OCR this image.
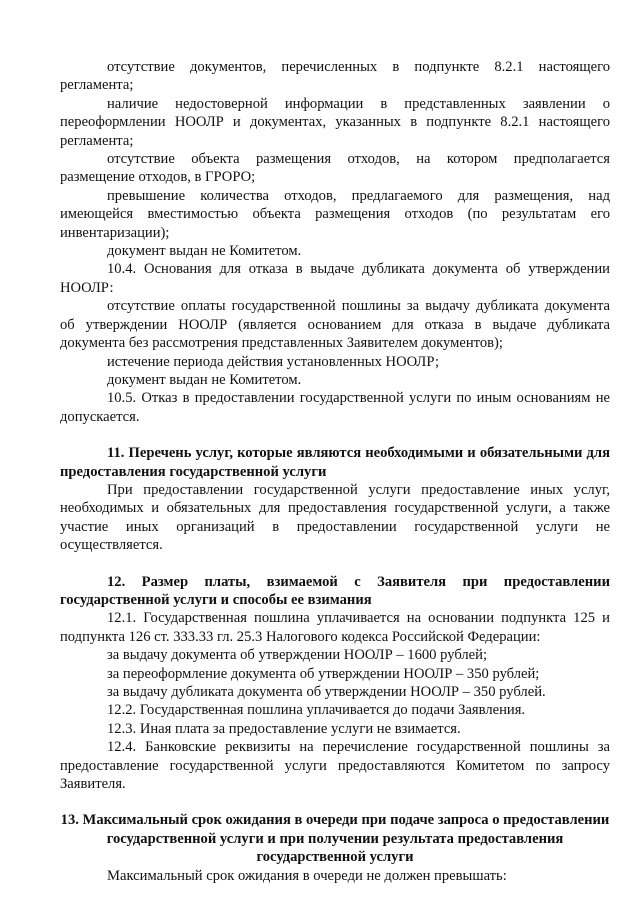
отсутствие документов, перечисленных в подпункте 8.2.1 настоящего регламента;

наличие недостоверной информации в представленных заявлении о переоформлении НООЛР и документах, указанных в подпункте 8.2.1 настоящего регламента;

отсутствие объекта размещения отходов, на котором предполагается размещение отходов, в ГРОРО;

превышение количества отходов, предлагаемого для размещения, над имеющейся вместимостью объекта размещения отходов (по результатам его инвентаризации);

документ выдан не Комитетом.

10.4. Основания для отказа в выдаче дубликата документа об утверждении НООЛР:

отсутствие оплаты государственной пошлины за выдачу дубликата документа об утверждении НООЛР (является основанием для отказа в выдаче дубликата документа без рассмотрения представленных Заявителем документов);

истечение периода действия установленных НООЛР;

документ выдан не Комитетом.

10.5. Отказ в предоставлении государственной услуги по иным основаниям не допускается.

11. Перечень услуг, которые являются необходимыми и обязательными для предоставления государственной услуги

При предоставлении государственной услуги предоставление иных услуг, необходимых и обязательных для предоставления государственной услуги, а также участие иных организаций в предоставлении государственной услуги не осуществляется.

12. Размер платы, взимаемой с Заявителя при предоставлении государственной услуги и способы ее взимания

12.1. Государственная пошлина уплачивается на основании подпункта 125 и подпункта 126 ст. 333.33 гл. 25.3 Налогового кодекса Российской Федерации:

за выдачу документа об утверждении НООЛР – 1600 рублей;

за переоформление документа об утверждении НООЛР – 350 рублей;

за выдачу дубликата документа об утверждении НООЛР – 350 рублей.

12.2. Государственная пошлина уплачивается до подачи Заявления.

12.3. Иная плата за предоставление услуги не взимается.

12.4. Банковские реквизиты на перечисление государственной пошлины за предоставление государственной услуги предоставляются Комитетом по запросу Заявителя.

13. Максимальный срок ожидания в очереди при подаче запроса о предоставлении государственной услуги и при получении результата предоставления государственной услуги

Максимальный срок ожидания в очереди не должен превышать:
